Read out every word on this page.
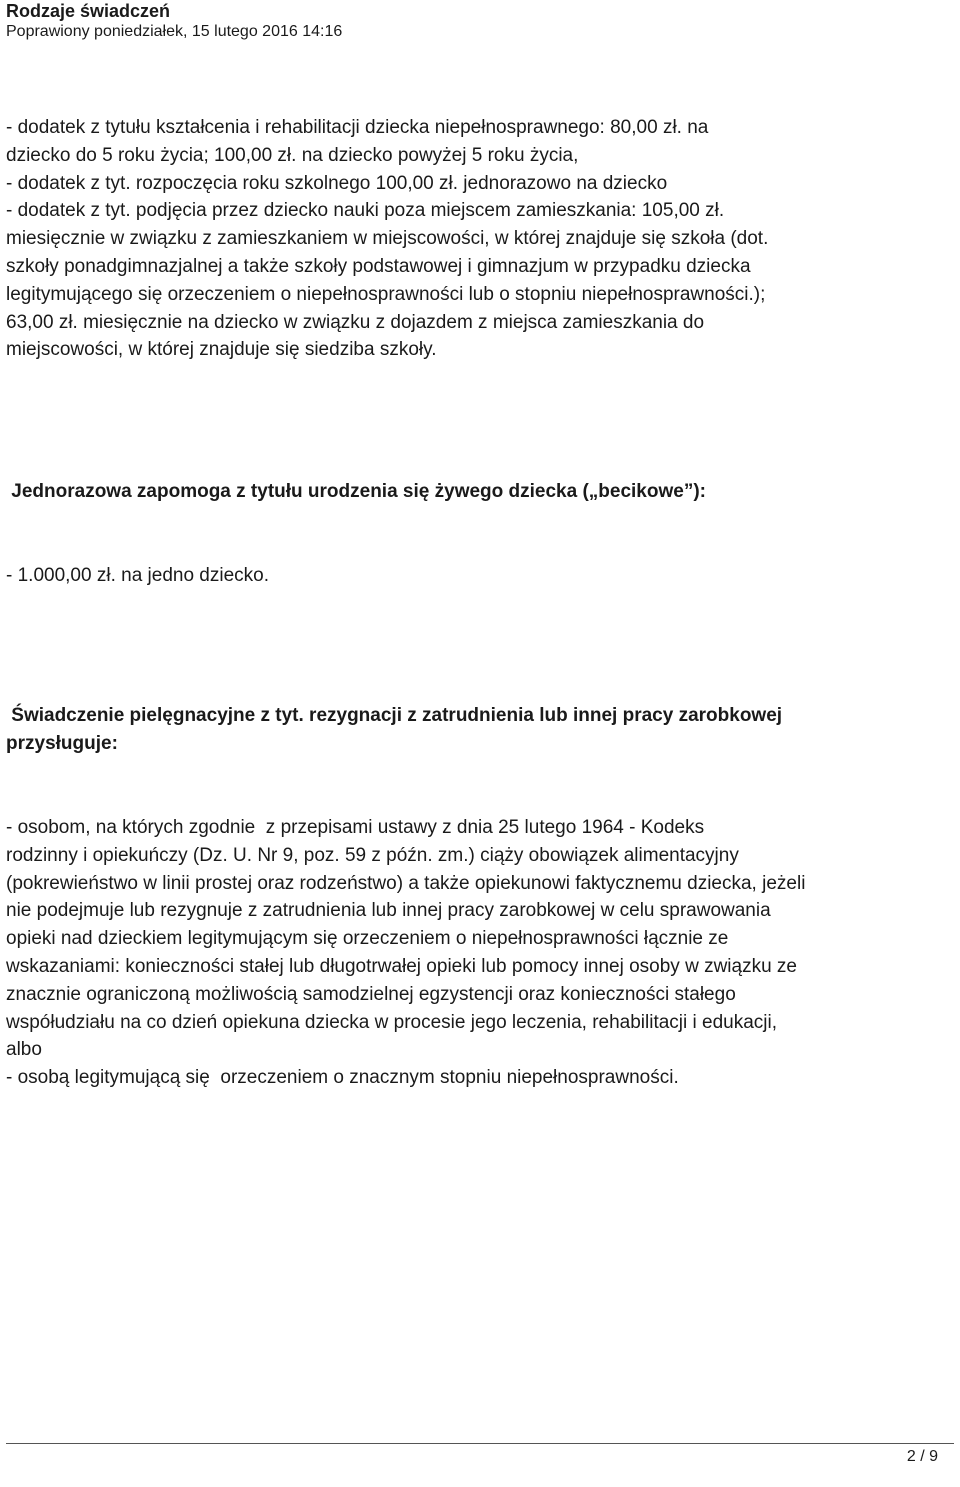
Rodzaje świadczeń
Poprawiony poniedziałek, 15 lutego 2016 14:16
- dodatek z tytułu kształcenia i rehabilitacji dziecka niepełnosprawnego: 80,00 zł. na
dziecko do 5 roku życia; 100,00 zł. na dziecko powyżej 5 roku życia,
- dodatek z tyt. rozpoczęcia roku szkolnego 100,00 zł. jednorazowo na dziecko
- dodatek z tyt. podjęcia przez dziecko nauki poza miejscem zamieszkania: 105,00 zł.
miesięcznie w związku z zamieszkaniem w miejscowości, w której znajduje się szkoła (dot.
szkoły ponadgimnazjalnej a także szkoły podstawowej i gimnazjum w przypadku dziecka
legitymującego się orzeczeniem o niepełnosprawności lub o stopniu niepełnosprawności.);
63,00 zł. miesięcznie na dziecko w związku z dojazdem z miejsca zamieszkania do
miejscowości, w której znajduje się siedziba szkoły.
Jednorazowa zapomoga z tytułu urodzenia się żywego dziecka („becikowe”):
- 1.000,00 zł. na jedno dziecko.
Świadczenie pielęgnacyjne z tyt. rezygnacji z zatrudnienia lub innej pracy zarobkowej
przysługuje:
- osobom, na których zgodnie  z przepisami ustawy z dnia 25 lutego 1964 - Kodeks
rodzinny i opiekuńczy (Dz. U. Nr 9, poz. 59 z późn. zm.) ciąży obowiązek alimentacyjny
(pokrewieństwo w linii prostej oraz rodzeństwo) a także opiekunowi faktycznemu dziecka, jeżeli
nie podejmuje lub rezygnuje z zatrudnienia lub innej pracy zarobkowej w celu sprawowania
opieki nad dzieckiem legitymującym się orzeczeniem o niepełnosprawności łącznie ze
wskazaniami: konieczności stałej lub długotrwałej opieki lub pomocy innej osoby w związku ze
znacznie ograniczoną możliwością samodzielnej egzystencji oraz konieczności stałego
współudziału na co dzień opiekuna dziecka w procesie jego leczenia, rehabilitacji i edukacji,
albo
- osobą legitymującą się  orzeczeniem o znacznym stopniu niepełnosprawności.
2 / 9
